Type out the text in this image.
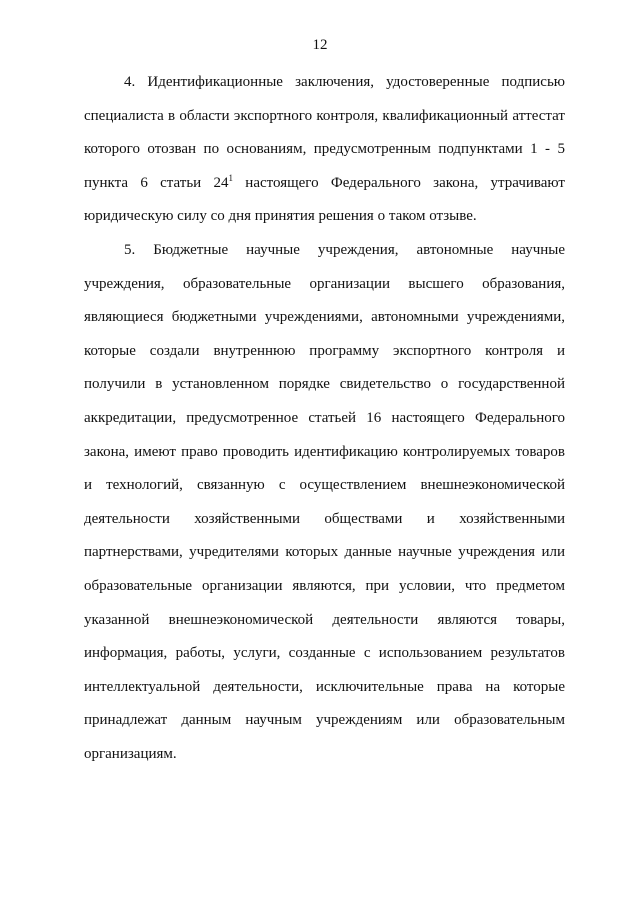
12
4. Идентификационные заключения, удостоверенные подписью
специалиста в области экспортного контроля, квалификационный аттестат
которого отозван по основаниям, предусмотренным подпунктами 1 - 5
пункта 6 статьи $24^1$ настоящего Федерального закона, утрачивают
юридическую силу со дня принятия решения о таком отзыве.
5. Бюджетные научные учреждения, автономные научные
учреждения, образовательные организации высшего образования,
являющиеся бюджетными учреждениями, автономными учреждениями,
которые создали внутреннюю программу экспортного контроля и
получили в установленном порядке свидетельство о государственной
аккредитации, предусмотренное статьей 16 настоящего Федерального
закона, имеют право проводить идентификацию контролируемых товаров
и технологий, связанную с осуществлением внешнеэкономической
деятельности хозяйственными обществами и хозяйственными
партнерствами, учредителями которых данные научные учреждения или
образовательные организации являются, при условии, что предметом
указанной внешнеэкономической деятельности являются товары,
информация, работы, услуги, созданные с использованием результатов
интеллектуальной деятельности, исключительные права на которые
принадлежат данным научным учреждениям или образовательным
организациям.
